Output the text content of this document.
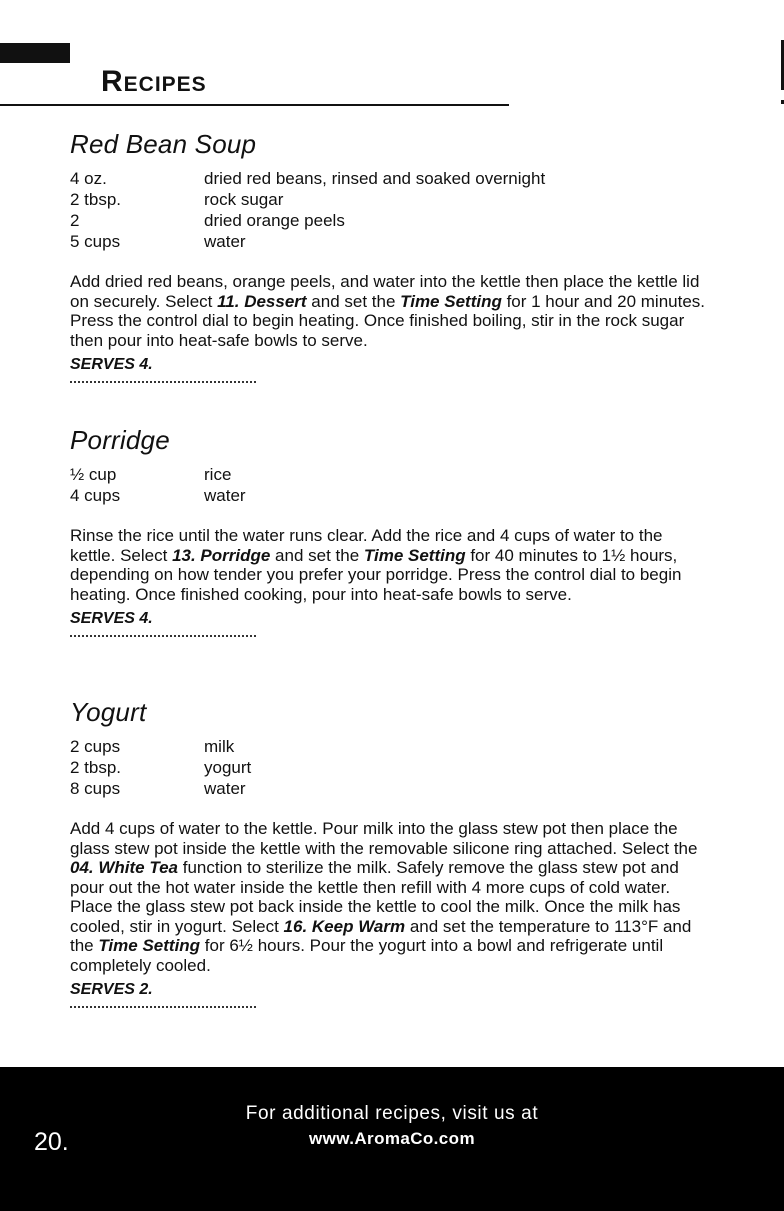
Recipes
Red Bean Soup
4 oz.	dried red beans, rinsed and soaked overnight
2 tbsp.	rock sugar
2	dried orange peels
5 cups	water

Add dried red beans, orange peels, and water into the kettle then place the kettle lid on securely. Select 11. Dessert and set the Time Setting for 1 hour and 20 minutes. Press the control dial to begin heating. Once finished boiling, stir in the rock sugar then pour into heat-safe bowls to serve.

SERVES 4.
Porridge
½ cup	rice
4 cups	water

Rinse the rice until the water runs clear. Add the rice and 4 cups of water to the kettle. Select 13. Porridge and set the Time Setting for 40 minutes to 1½ hours, depending on how tender you prefer your porridge. Press the control dial to begin heating. Once finished cooking, pour into heat-safe bowls to serve.

SERVES 4.
Yogurt
2 cups	milk
2 tbsp.	yogurt
8 cups	water

Add 4 cups of water to the kettle. Pour milk into the glass stew pot then place the glass stew pot inside the kettle with the removable silicone ring attached. Select the 04. White Tea function to sterilize the milk. Safely remove the glass stew pot and pour out the hot water inside the kettle then refill with 4 more cups of cold water. Place the glass stew pot back inside the kettle to cool the milk. Once the milk has cooled, stir in yogurt. Select 16. Keep Warm and set the temperature to 113°F and the Time Setting for 6½ hours. Pour the yogurt into a bowl and refrigerate until completely cooled.

SERVES 2.
20.
For additional recipes, visit us at
www.AromaCo.com
